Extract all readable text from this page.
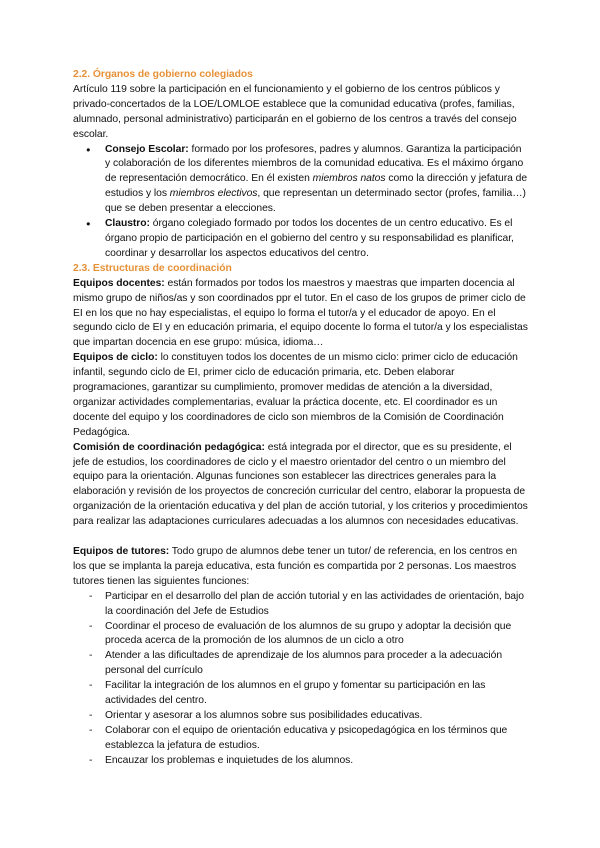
2.2. Órganos de gobierno colegiados

Artículo 119 sobre la participación en el funcionamiento y el gobierno de los centros públicos y privado-concertados de la LOE/LOMLOE establece que la comunidad educativa (profes, familias, alumnado, personal administrativo) participarán en el gobierno de los centros a través del consejo escolar.

● Consejo Escolar: formado por los profesores, padres y alumnos. Garantiza la participación y colaboración de los diferentes miembros de la comunidad educativa. Es el máximo órgano de representación democrático. En él existen miembros natos como la dirección y jefatura de estudios y los miembros electivos, que representan un determinado sector (profes, familia…) que se deben presentar a elecciones.
● Claustro: órgano colegiado formado por todos los docentes de un centro educativo. Es el órgano propio de participación en el gobierno del centro y su responsabilidad es planificar, coordinar y desarrollar los aspectos educativos del centro.
2.3. Estructuras de coordinación

Equipos docentes: están formados por todos los maestros y maestras que imparten docencia al mismo grupo de niños/as y son coordinados ppr el tutor. En el caso de los grupos de primer ciclo de EI en los que no hay especialistas, el equipo lo forma el tutor/a y el educador de apoyo. En el segundo ciclo de EI y en educación primaria, el equipo docente lo forma el tutor/a y los especialistas que impartan docencia en ese grupo: música, idioma…

Equipos de ciclo: lo constituyen todos los docentes de un mismo ciclo: primer ciclo de educación infantil, segundo ciclo de EI, primer ciclo de educación primaria, etc. Deben elaborar programaciones, garantizar su cumplimiento, promover medidas de atención a la diversidad, organizar actividades complementarias, evaluar la práctica docente, etc. El coordinador es un docente del equipo y los coordinadores de ciclo son miembros de la Comisión de Coordinación Pedagógica.

Comisión de coordinación pedagógica: está integrada por el director, que es su presidente, el jefe de estudios, los coordinadores de ciclo y el maestro orientador del centro o un miembro del equipo para la orientación. Algunas funciones son establecer las directrices generales para la elaboración y revisión de los proyectos de concreción curricular del centro, elaborar la propuesta de organización de la orientación educativa y del plan de acción tutorial, y los criterios y procedimientos para realizar las adaptaciones curriculares adecuadas a los alumnos con necesidades educativas.

Equipos de tutores: Todo grupo de alumnos debe tener un tutor/ de referencia, en los centros en los que se implanta la pareja educativa, esta función es compartida por 2 personas. Los maestros tutores tienen las siguientes funciones:

- Participar en el desarrollo del plan de acción tutorial y en las actividades de orientación, bajo la coordinación del Jefe de Estudios
- Coordinar el proceso de evaluación de los alumnos de su grupo y adoptar la decisión que proceda acerca de la promoción de los alumnos de un ciclo a otro
- Atender a las dificultades de aprendizaje de los alumnos para proceder a la adecuación personal del currículo
- Facilitar la integración de los alumnos en el grupo y fomentar su participación en las actividades del centro.
- Orientar y asesorar a los alumnos sobre sus posibilidades educativas.
- Colaborar con el equipo de orientación educativa y psicopedagógica en los términos que establezca la jefatura de estudios.
- Encauzar los problemas e inquietudes de los alumnos.
